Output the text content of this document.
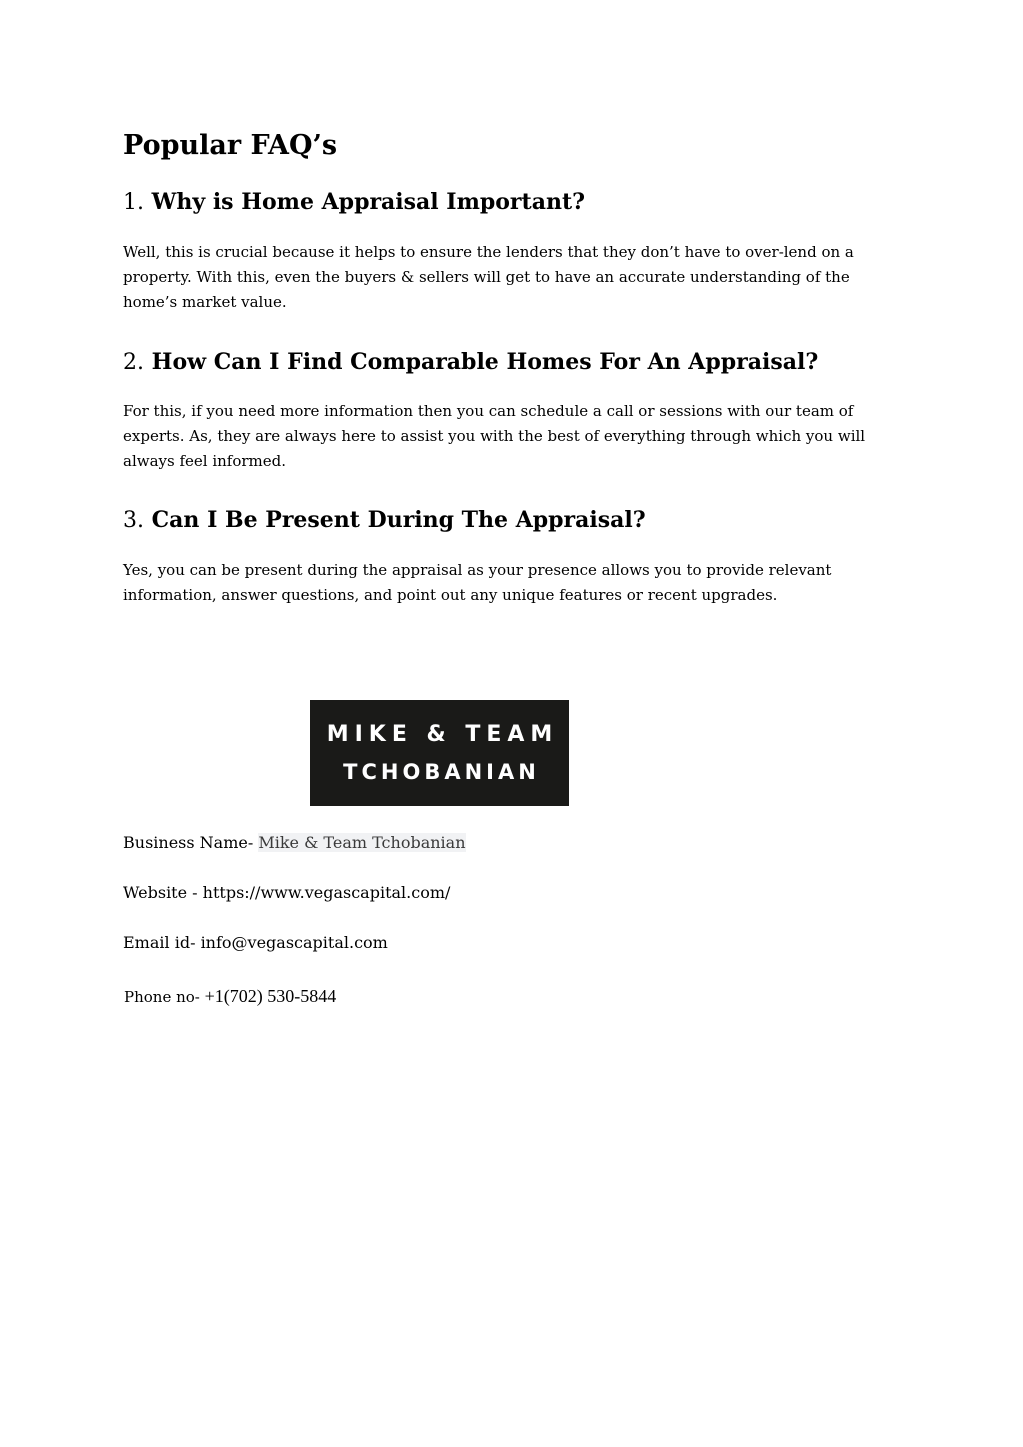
Popular FAQ’s
1. Why is Home Appraisal Important?

Well, this is crucial because it helps to ensure the lenders that they don’t have to over-lend on a property. With this, even the buyers & sellers will get to have an accurate understanding of the home’s market value.

2. How Can I Find Comparable Homes For An Appraisal?

For this, if you need more information then you can schedule a call or sessions with our team of experts. As, they are always here to assist you with the best of everything through which you will always feel informed.

3. Can I Be Present During The Appraisal?

Yes, you can be present during the appraisal as your presence allows you to provide relevant information, answer questions, and point out any unique features or recent upgrades.

MIKE & TEAM
TCHOBANIAN

Business Name- Mike & Team Tchobanian

Website - https://www.vegascapital.com/

Email id- info@vegascapital.com

Phone no- +1(702) 530-5844
